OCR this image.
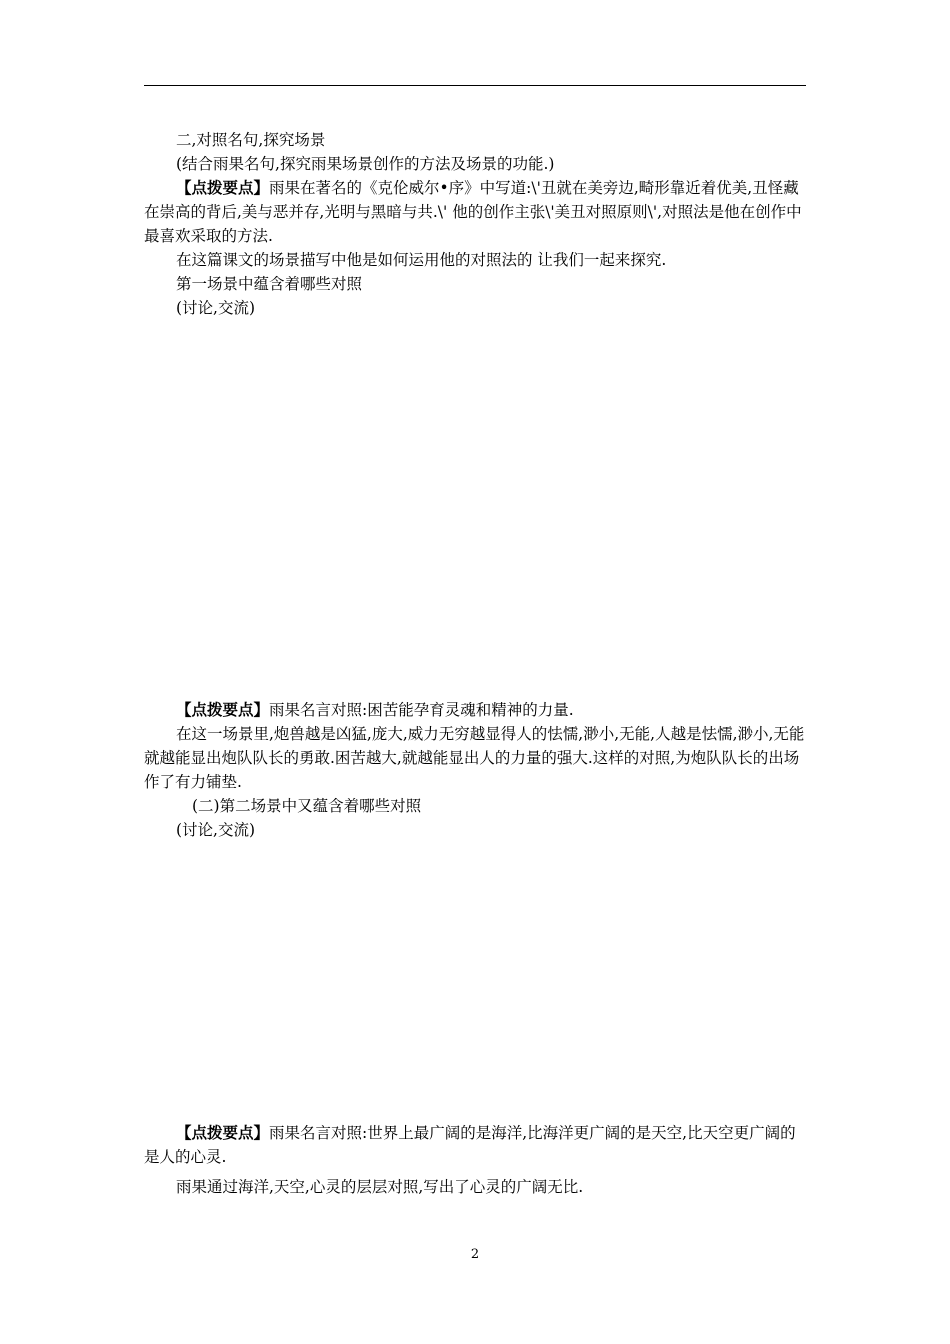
二,对照名句,探究场景

(结合雨果名句,探究雨果场景创作的方法及场景的功能.)

【点拨要点】雨果在著名的《克伦威尔•序》中写道:\'丑就在美旁边,畸形靠近着优美,丑怪藏在崇高的背后,美与恶并存,光明与黑暗与共.\' 他的创作主张\'美丑对照原则\',对照法是他在创作中最喜欢采取的方法.

在这篇课文的场景描写中他是如何运用他的对照法的 让我们一起来探究.

第一场景中蕴含着哪些对照

(讨论,交流)

【点拨要点】雨果名言对照:困苦能孕育灵魂和精神的力量.

在这一场景里,炮兽越是凶猛,庞大,威力无穷越显得人的怯懦,渺小,无能,人越是怯懦,渺小,无能就越能显出炮队队长的勇敢.困苦越大,就越能显出人的力量的强大.这样的对照,为炮队队长的出场作了有力铺垫.

(二)第二场景中又蕴含着哪些对照

(讨论,交流)

【点拨要点】雨果名言对照:世界上最广阔的是海洋,比海洋更广阔的是天空,比天空更广阔的是人的心灵.

雨果通过海洋,天空,心灵的层层对照,写出了心灵的广阔无比.

2
